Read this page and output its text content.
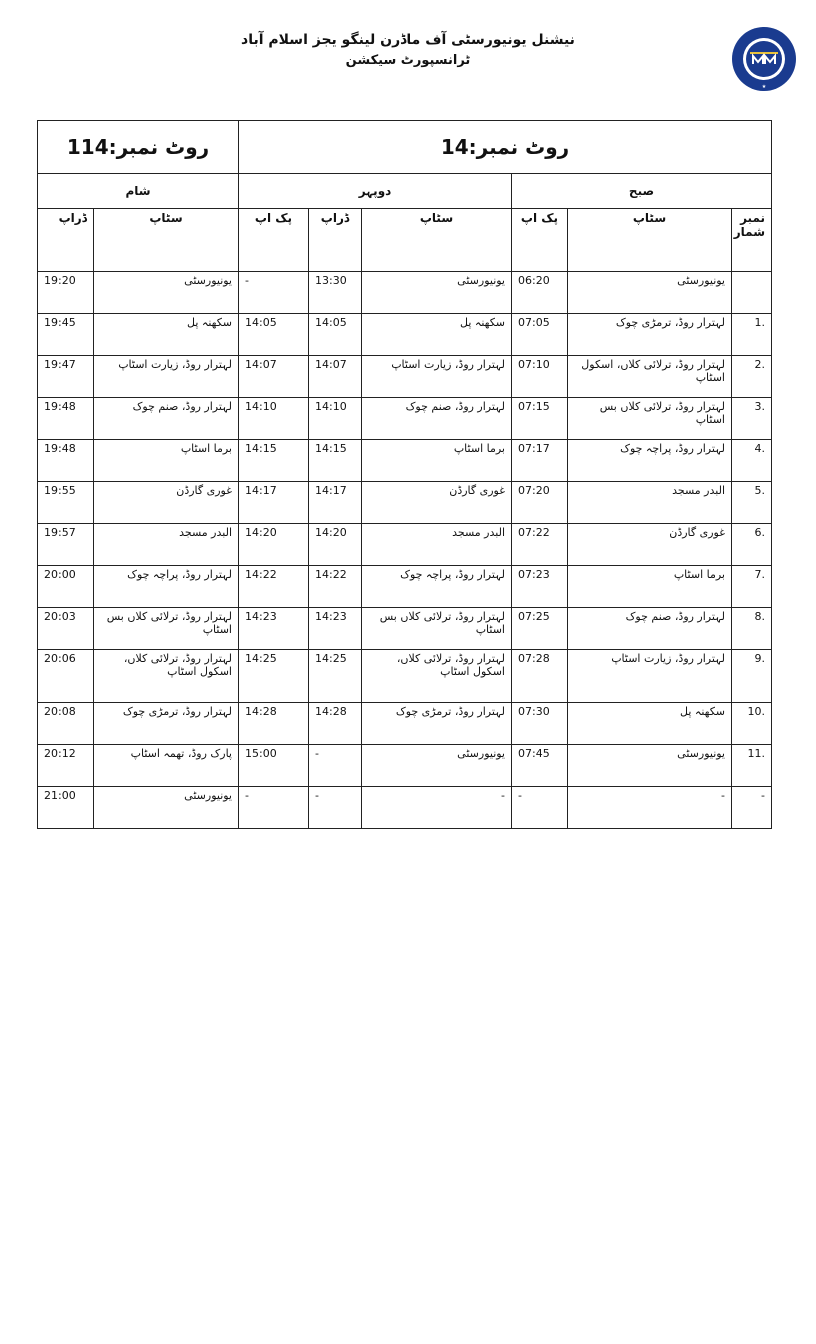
نیشنل یونیورسٹی آف ماڈرن لینگو یجز اسلام آباد
ٹرانسپورٹ سیکشن
★
روٹ نمبر:14						روٹ نمبر:114	
صبح			دوپہر			شام	
نمبر شمار	سٹاپ	پک اپ	سٹاپ	ڈراپ	پک اپ	سٹاپ	ڈراپ
	یونیورسٹی	06:20	یونیورسٹی	13:30	-	یونیورسٹی	19:20
1.	لہترار روڈ، ترمڑی چوک	07:05	سکھنہ پل	14:05	14:05	سکھنہ پل	19:45
2.	لہترار روڈ، ترلائی کلاں، اسکول اسٹاپ	07:10	لہترار روڈ، زیارت اسٹاپ	14:07	14:07	لہترار روڈ، زیارت اسٹاپ	19:47
3.	لہترار روڈ، ترلائی کلاں بس اسٹاپ	07:15	لہترار روڈ، صنم چوک	14:10	14:10	لہترار روڈ، صنم چوک	19:48
4.	لہترار روڈ، پراچہ چوک	07:17	برما اسٹاپ	14:15	14:15	برما اسٹاپ	19:48
5.	البدر مسجد	07:20	غوری گارڈن	14:17	14:17	غوری گارڈن	19:55
6.	غوری گارڈن	07:22	البدر مسجد	14:20	14:20	البدر مسجد	19:57
7.	برما اسٹاپ	07:23	لہترار روڈ، پراچہ چوک	14:22	14:22	لہترار روڈ، پراچہ چوک	20:00
8.	لہترار روڈ، صنم چوک	07:25	لہترار روڈ، ترلائی کلاں بس اسٹاپ	14:23	14:23	لہترار روڈ، ترلائی کلاں بس اسٹاپ	20:03
9.	لہترار روڈ، زیارت اسٹاپ	07:28	لہترار روڈ، ترلائی کلاں، اسکول اسٹاپ	14:25	14:25	لہترار روڈ، ترلائی کلاں، اسکول اسٹاپ	20:06
10.	سکھنہ پل	07:30	لہترار روڈ، ترمڑی چوک	14:28	14:28	لہترار روڈ، ترمڑی چوک	20:08
11.	یونیورسٹی	07:45	یونیورسٹی	-	15:00	پارک روڈ، تھمہ اسٹاپ	20:12
-	-	-	-	-	-	یونیورسٹی	21:00
